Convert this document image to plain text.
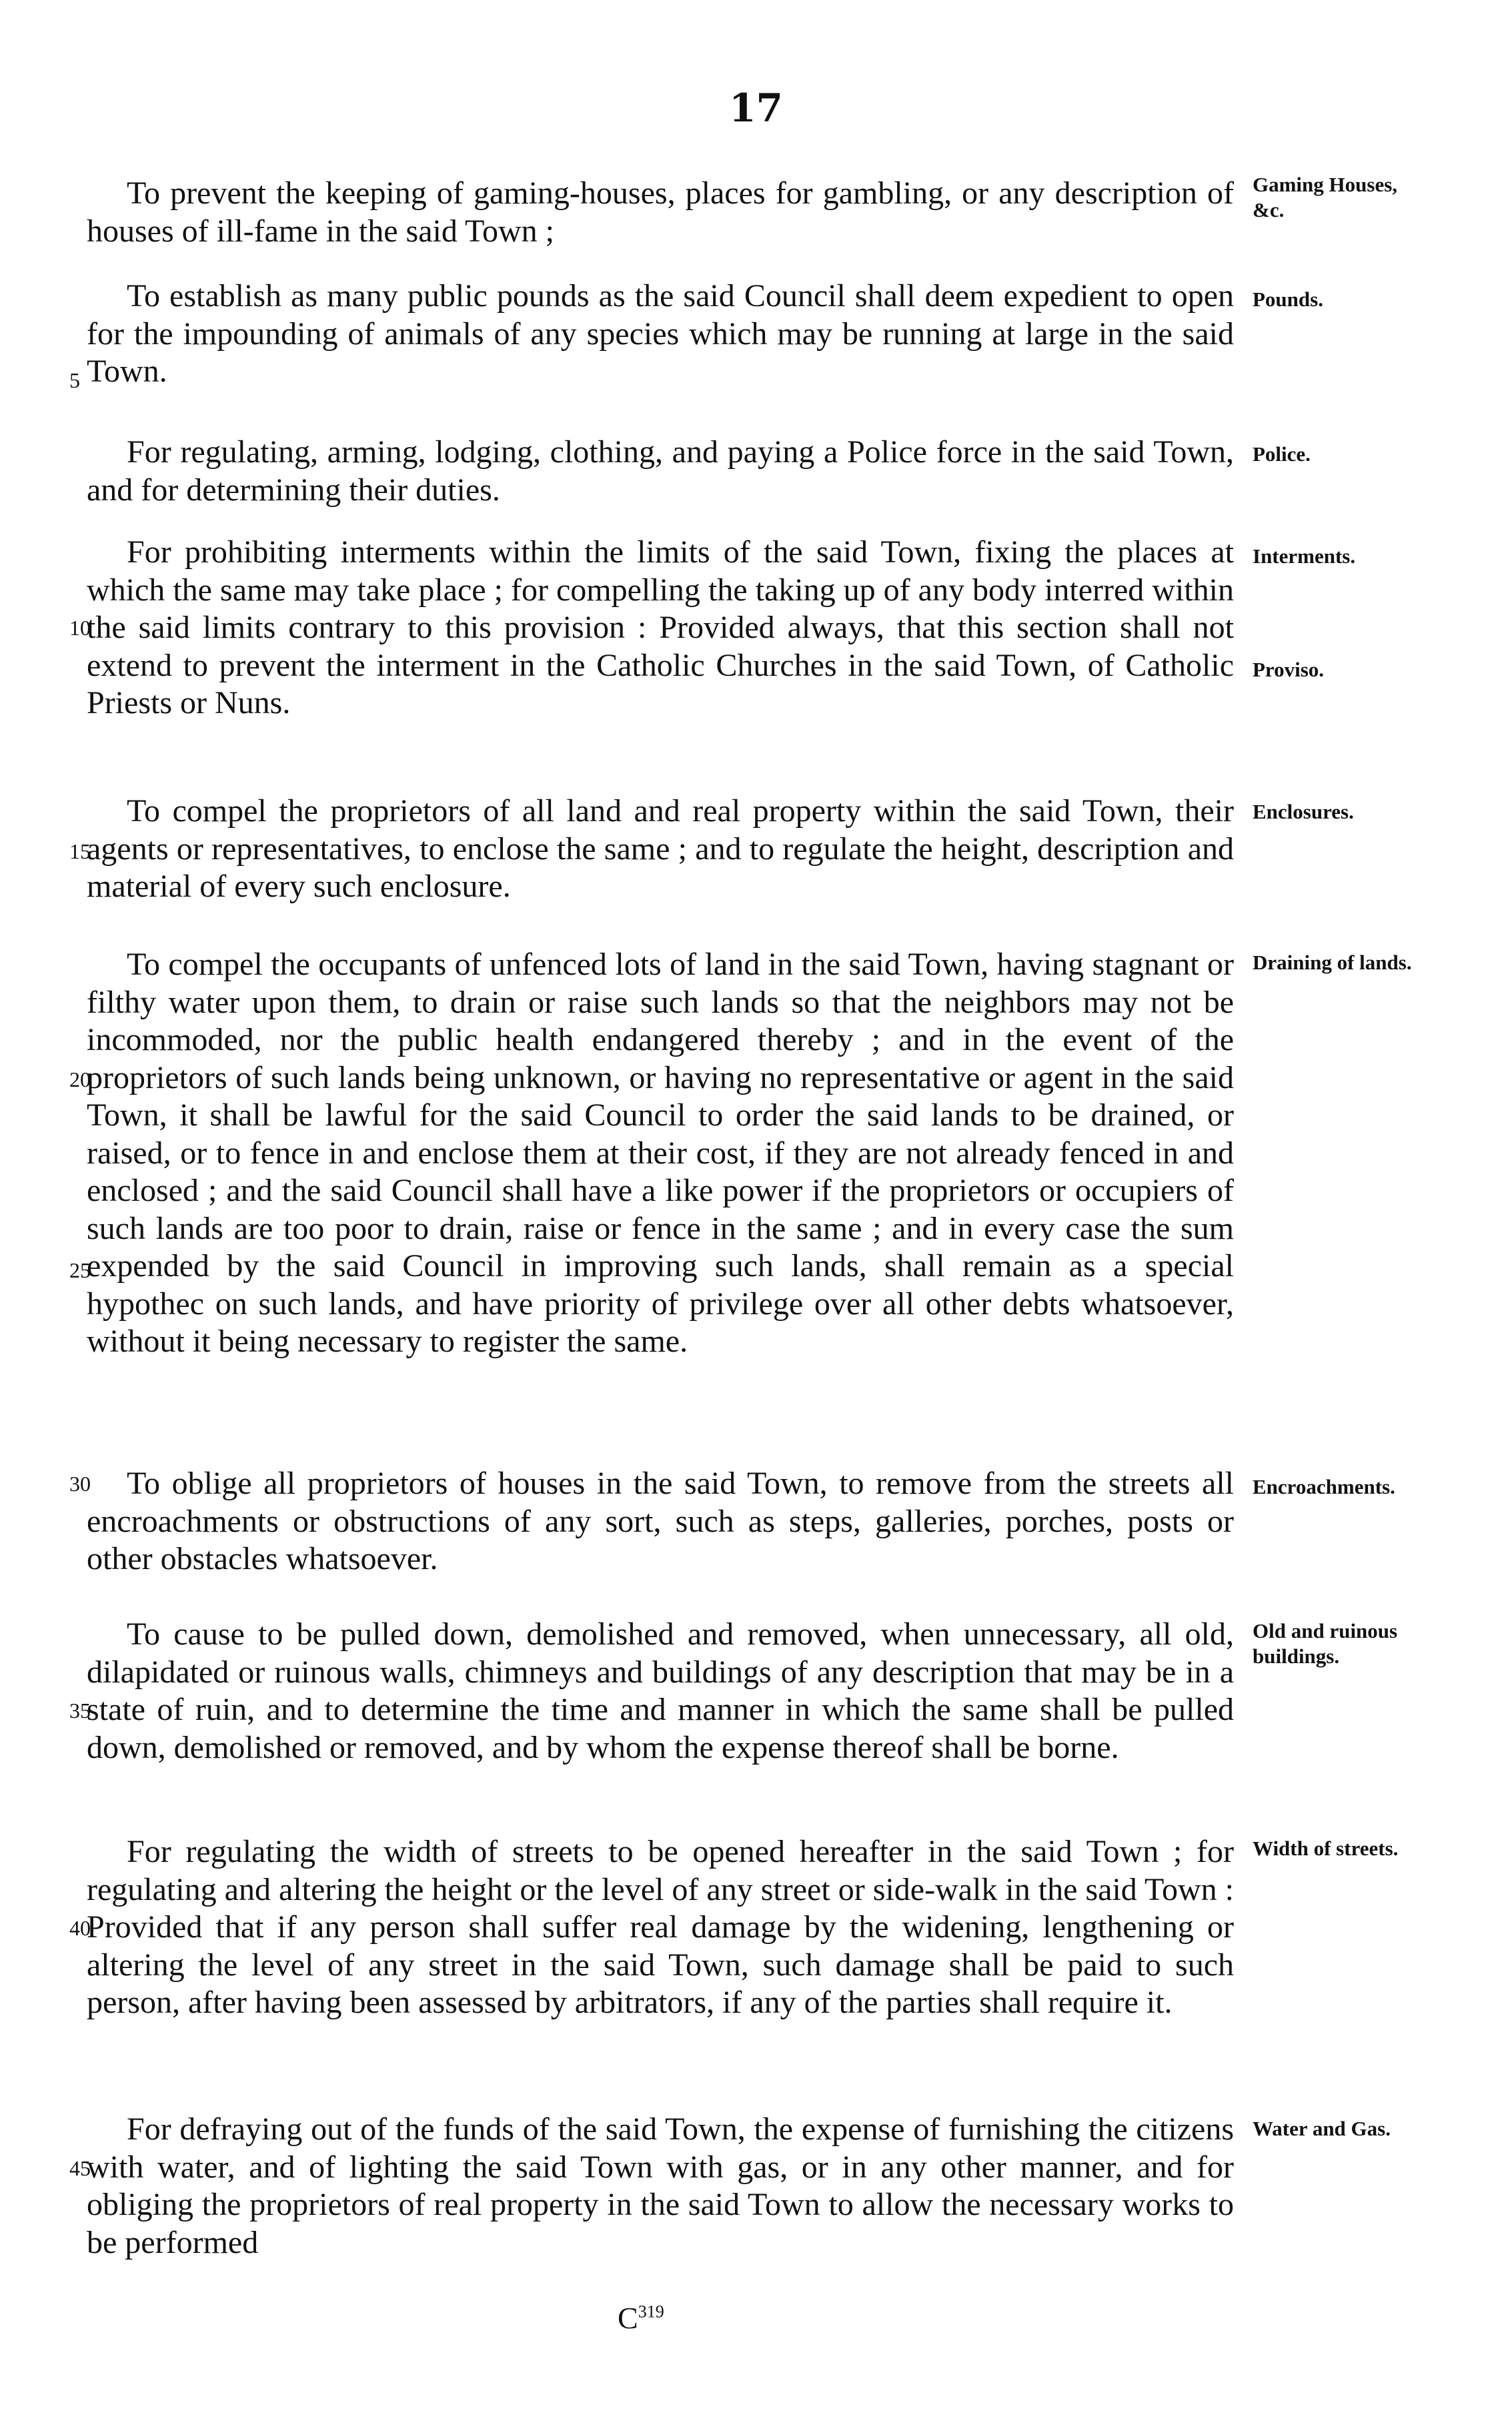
17
To prevent the keeping of gaming-houses, places for gambling, or any description of houses of ill-fame in the said Town ;
Gaming Houses, &c.
To establish as many public pounds as the said Council shall deem expedient to open for the impounding of animals of any species which may be running at large in the said Town.
Pounds.
5
For regulating, arming, lodging, clothing, and paying a Police force in the said Town, and for determining their duties.
Police.
For prohibiting interments within the limits of the said Town, fixing the places at which the same may take place ; for compelling the taking up of any body interred within the said limits contrary to this provision : Provided always, that this section shall not extend to prevent the interment in the Catholic Churches in the said Town, of Catholic Priests or Nuns.
Interments.
Proviso.
10
To compel the proprietors of all land and real property within the said Town, their agents or representatives, to enclose the same ; and to regulate the height, description and material of every such enclosure.
Enclosures.
15
To compel the occupants of unfenced lots of land in the said Town, having stagnant or filthy water upon them, to drain or raise such lands so that the neighbors may not be incommoded, nor the public health endangered thereby ; and in the event of the proprietors of such lands being unknown, or having no representative or agent in the said Town, it shall be lawful for the said Council to order the said lands to be drained, or raised, or to fence in and enclose them at their cost, if they are not already fenced in and enclosed ; and the said Council shall have a like power if the proprietors or occupiers of such lands are too poor to drain, raise or fence in the same ; and in every case the sum expended by the said Council in improving such lands, shall remain as a special hypothec on such lands, and have priority of privilege over all other debts whatsoever, without it being necessary to register the same.
Draining of lands.
20
25
To oblige all proprietors of houses in the said Town, to remove from the streets all encroachments or obstructions of any sort, such as steps, galleries, porches, posts or other obstacles whatsoever.
Encroachments.
30
To cause to be pulled down, demolished and removed, when unnecessary, all old, dilapidated or ruinous walls, chimneys and buildings of any description that may be in a state of ruin, and to determine the time and manner in which the same shall be pulled down, demolished or removed, and by whom the expense thereof shall be borne.
Old and ruinous buildings.
35
For regulating the width of streets to be opened hereafter in the said Town ; for regulating and altering the height or the level of any street or side-walk in the said Town : Provided that if any person shall suffer real damage by the widening, lengthening or altering the level of any street in the said Town, such damage shall be paid to such person, after having been assessed by arbitrators, if any of the parties shall require it.
Width of streets.
40
For defraying out of the funds of the said Town, the expense of furnishing the citizens with water, and of lighting the said Town with gas, or in any other manner, and for obliging the proprietors of real property in the said Town to allow the necessary works to be performed
Water and Gas.
45
$C^{319}$
